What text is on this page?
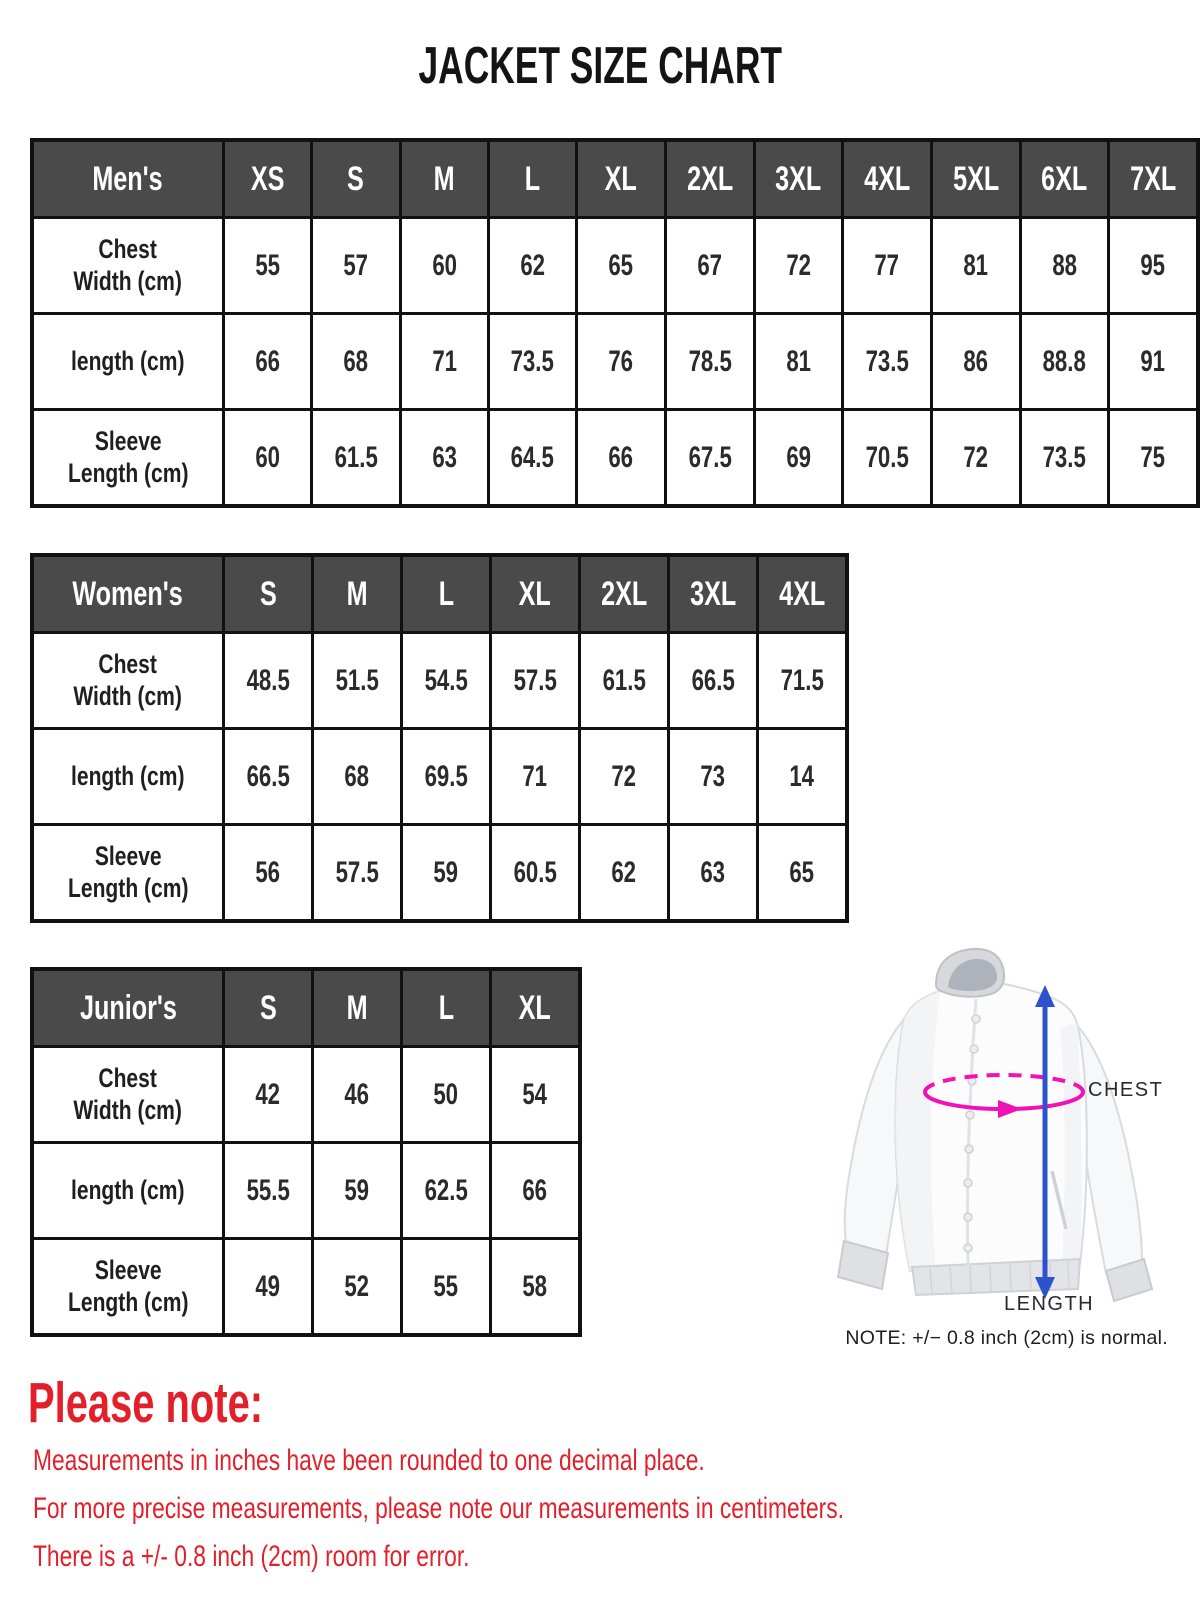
JACKET SIZE CHART
Men's	XS	S	M	L	XL	2XL	3XL	4XL	5XL	6XL	7XL
Chest
Width (cm)	55	57	60	62	65	67	72	77	81	88	95
length (cm)	66	68	71	73.5	76	78.5	81	73.5	86	88.8	91
Sleeve
Length (cm)	60	61.5	63	64.5	66	67.5	69	70.5	72	73.5	75
Women's	S	M	L	XL	2XL	3XL	4XL
Chest
Width (cm)	48.5	51.5	54.5	57.5	61.5	66.5	71.5
length (cm)	66.5	68	69.5	71	72	73	14
Sleeve
Length (cm)	56	57.5	59	60.5	62	63	65
Junior's	S	M	L	XL
Chest
Width (cm)	42	46	50	54
length (cm)	55.5	59	62.5	66
Sleeve
Length (cm)	49	52	55	58
CHEST
LENGTH
NOTE: +/− 0.8 inch (2cm) is normal.
Please note:
Measurements in inches have been rounded to one decimal place.
For more precise measurements, please note our measurements in centimeters.
There is a +/- 0.8 inch (2cm) room for error.
